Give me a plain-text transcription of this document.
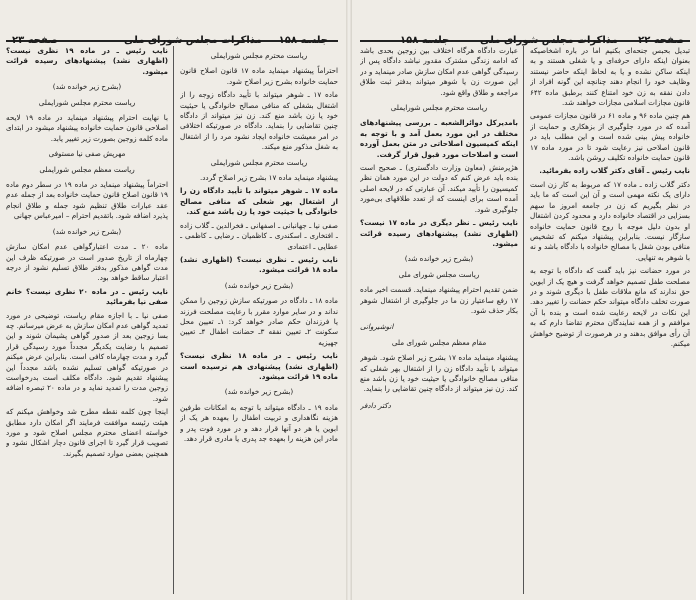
صفحه ۲۳	مذاکرات مجلس شورای ملی جلسه ۱۵۸

نایب رئیس ـ در ماده ۱۹ نظری نیست؟ (اظهاری نشد) پیشنهادهای رسیده قرائت میشود.

(بشرح زیر خوانده شد)

ریاست محترم مجلس شورایملی

با نهایت احترام پیشنهاد مینماید در ماده ۱۹ لایحه اصلاحی قانون حمایت خانواده پیشنهاد میشود در ابتدای ماده کلمه زوجین بصورت زیر تغییر یابد.

مهرپش صفی نیا مستوفی

ریاست معظم مجلس شورایملی

احتراماً پیشنهاد مینماید در ماده ۱۹ در سطر دوم ماده ۱۹ قانون اصلاح قانون حمایت خانواده بعد از جمله عدم عقد عبارات طلاق تنظیم شود جمله و طلاق انجام پذیرد اضافه شود. باتقدیم احترام – امیرعباس جهانی

(بشرح زیر خوانده شد)

ماده ۲۰ ـ مدت اعتبارگواهی عدم امکان سازش چهارماه از تاریخ صدور است در صورتیکه ظرف این مدت گواهی مذکور بدفتر طلاق تسلیم نشود از درجه اعتبار ساقط خواهد بود.

نایب رئیس ـ در ماده ۲۰ نظری نیست؟ خانم صفی نیا بفرمائید

صفی نیا ـ با اجازه مقام ریاست، توضیحی در مورد تمدید گواهی عدم امکان سازش به عرض میرسانم. چه بسا زوجین بعد از صدور گواهی پشیمان شوند و این تصمیم با رضایت یکدیگر مجدداً مورد رسیدگی قرار گیرد و مدت چهارماه کافی است. بنابراین عرض میکنم در صورتیکه گواهی تسلیم نشده باشد مجدداً این پیشنهاد تقدیم شود. دادگاه مکلف است بدرخواست زوجین مدت را تمدید نماید و در ماده ۲۰ تبصره اضافه شود.

اینجا چون کلمه نقطه مطرح شد وخواهش میکنم که هیئت رئیسه موافقت فرمایند اگر امکان دارد مطابق خواسته اعضای محترم مجلس اصلاح شود و مورد تصویب قرار گیرد تا اجرای قانون دچار اشکال نشود و همچنین بعضی موارد تصمیم بگیرند.

ریاست محترم مجلس شورایملی

احتراماً پیشنهاد مینماید ماده ۱۷ قانون اصلاح قانون حمایت خانواده بشرح زیر اصلاح شود.

ماده ۱۷ ـ شوهر میتواند با تأیید دادگاه زوجه را از اشتغال بشغلی که منافی مصالح خانوادگی یا حیثیت خود یا زن باشد منع کند. زن نیز میتواند از دادگاه چنین تقاضایی را بنماید. دادگاه در صورتیکه اختلافی در امر معیشت خانواده ایجاد نشود مرد را از اشتغال به شغل مذکور منع میکند.

ریاست محترم مجلس شورایملی

پیشنهاد مینماید ماده ۱۷ بشرح زیر اصلاح گردد.

ماده ۱۷ ـ شوهر میتواند با تأیید دادگاه زن را از اشتغال بهر شغلی که منافی مصالح خانوادگی یا حیثیت خود یا زن باشد منع کند.

صفی نیا ـ جهانبانی ـ اصفهانی ـ فخرالدین ـ گلاب زاده ـ افتخاری ـ اسکندری ـ کاظمیان ـ رضایی ـ کاظمی ـ عطایی ـ اعتمادی

نایب رئیس ـ نظری نیست؟ (اظهاری نشد) ماده ۱۸ قرائت میشود.

(بشرح زیر خوانده شد)

ماده ۱۸ ـ دادگاه در صورتیکه سازش زوجین را ممکن نداند و در سایر موارد مقرر با رعایت مصلحت فرزند یا فرزندان حکم صادر خواهد کرد: ۱ـ تعیین محل سکونت ۲ـ تعیین نفقه ۳ـ حضانت اطفال ۴ـ تعیین جهیزیه

نایب رئیس ـ در ماده ۱۸ نظری نیست؟ (اظهاری نشد) پیشنهادی هم نرسیده است ماده ۱۹ قرائت میشود.

(بشرح زیر خوانده شد)

ماده ۱۹ ـ دادگاه میتواند با توجه به امکانات طرفین هزینه نگاهداری و تربیت اطفال را بعهده هر یک از ابوین یا هر دو آنها قرار دهد و در مورد فوت پدر و مادر این هزینه را بعهده جد پدری یا مادری قرار دهد.

جلسه ۱۵۸	مذاکرات مجلس شورای ملی صفحه ۲۲

عبارت دادگاه هرگاه اختلاف بین زوجین بحدی باشد که ادامه زندگی مشترک مقدور نباشد دادگاه پس از رسیدگی گواهی عدم امکان سازش صادر مینماید و در این صورت زن یا شوهر میتواند بدفتر ثبت طلاق مراجعه و طلاق واقع شود.

ریاست محترم مجلس شورایملی

بامدیرکل دوائرالشعبه ـ بررسی پیشنهادهای مختلف در این مورد بعمل آمد و با توجه به اینکه کمیسیون اصلاحاتی در متن بعمل آورده است و اصلاحات مورد قبول قرار گرفت.

هژیرمنش (معاون وزارت دادگستری) ـ صحیح است بنده باید عرض کنم که دولت در این مورد همان نظر کمیسیون را تأیید میکند. آن عبارتی که در لایحه اصلی آمده است برای اینست که از تعدد طلاقهای بی‌مورد جلوگیری شود.

نایب رئیس ـ نظر دیگری در ماده ۱۷ نیست؟ (اظهاری نشد) پیشنهادهای رسیده قرائت میشود.

(بشرح زیر خوانده شد)

ریاست مجلس شورای ملی

ضمن تقدیم احترام پیشنهاد مینماید. قسمت اخیر ماده ۱۷ رفع ساعتیار زن ما در جلوگیری از اشتغال شوهر بکار حذف شود.

انوشیروانی

مقام معظم مجلس شورای ملی

پیشنهاد مینماید ماده ۱۷ بشرح زیر اصلاح شود. شوهر میتواند با تأیید دادگاه زن را از اشتغال بهر شغلی که منافی مصالح خانوادگی یا حیثیت خود یا زن باشد منع کند. زن نیز میتواند از دادگاه چنین تقاضایی را بنماید.

دکتر دادفر

تبدیل بحبس جنحه‌ای بکنیم اما در باره اشخاصیکه بعنوان اینکه دارای حرفه‌ای و یا شغلی هستند و به اینکه ساکن نشده و یا به لحاظ اینکه حاضر نیستند وظایف خود را انجام دهند چنانچه این گونه افراد از دادن نفقه به زن خود امتناع کنند برطبق ماده ۶۴۲ قانون مجازات اسلامی مجازات خواهند شد.

هم چنین ماده ۹۶ و ماده ۶۱ در قانون مجازات عمومی آمده که در مورد جلوگیری از بزهکاری و حمایت از خانواده پیش بینی شده است و این مطلب باید در قانون اصلاحی نیز رعایت شود تا در مورد ماده ۱۷ قانون حمایت خانواده تکلیف روشن باشد.

نایب رئیس ـ آقای دکتر گلاب زاده بفرمائید.

دکتر گلاب زاده ـ ماده ۱۷ که مربوط به کار زن است دارای یک نکته مهمی است و آن این است که ما باید در نظر بگیریم که زن در جامعه امروز ما سهم بسزایی در اقتصاد خانواده دارد و محدود کردن اشتغال او بدون دلیل موجه با روح قانون حمایت خانواده سازگار نیست. بنابراین پیشنهاد میکنم که تشخیص منافی بودن شغل با مصالح خانواده با دادگاه باشد و نه با شوهر به تنهایی.

در مورد حضانت نیز باید گفت که دادگاه با توجه به مصلحت طفل تصمیم خواهد گرفت و هیچ یک از ابوین حق ندارند که مانع ملاقات طفل با دیگری شوند و در صورت تخلف دادگاه میتواند حکم حضانت را تغییر دهد. این نکات در لایحه رعایت شده است و بنده با آن موافقم و از همه نمایندگان محترم تقاضا دارم که به آن رأی موافق بدهند و در هرصورت از توضیح خواهش میکنم.
